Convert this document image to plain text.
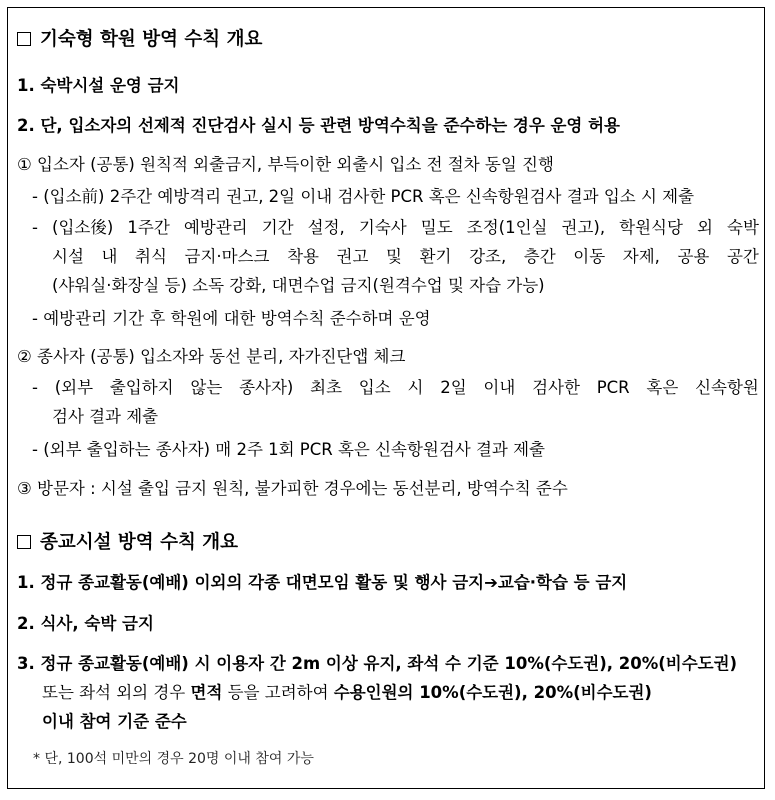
기숙형 학원 방역 수칙 개요
1. 숙박시설 운영 금지
2. 단, 입소자의 선제적 진단검사 실시 등 관련 방역수칙을 준수하는 경우 운영 허용
① 입소자 (공통) 원칙적 외출금지, 부득이한 외출시 입소 전 절차 동일 진행
- (입소前) 2주간 예방격리 권고, 2일 이내 검사한 PCR 혹은 신속항원검사 결과 입소 시 제출
- (입소後) 1주간 예방관리 기간 설정, 기숙사 밀도 조정(1인실 권고), 학원식당 외 숙박
시설 내 취식 금지·마스크 착용 권고 및 환기 강조, 층간 이동 자제, 공용 공간
(샤워실·화장실 등) 소독 강화, 대면수업 금지(원격수업 및 자습 가능)
- 예방관리 기간 후 학원에 대한 방역수칙 준수하며 운영
② 종사자 (공통) 입소자와 동선 분리, 자가진단앱 체크
- (외부 출입하지 않는 종사자) 최초 입소 시 2일 이내 검사한 PCR 혹은 신속항원
검사 결과 제출
- (외부 출입하는 종사자) 매 2주 1회 PCR 혹은 신속항원검사 결과 제출
③ 방문자 : 시설 출입 금지 원칙, 불가피한 경우에는 동선분리, 방역수칙 준수
종교시설 방역 수칙 개요
1. 정규 종교활동(예배) 이외의 각종 대면모임 활동 및 행사 금지➔교습·학습 등 금지
2. 식사, 숙박 금지
3. 정규 종교활동(예배) 시 이용자 간 2m 이상 유지, 좌석 수 기준 10%(수도권), 20%(비수도권)
또는 좌석 외의 경우 면적 등을 고려하여 수용인원의 10%(수도권), 20%(비수도권)
이내 참여 기준 준수
* 단, 100석 미만의 경우 20명 이내 참여 가능
